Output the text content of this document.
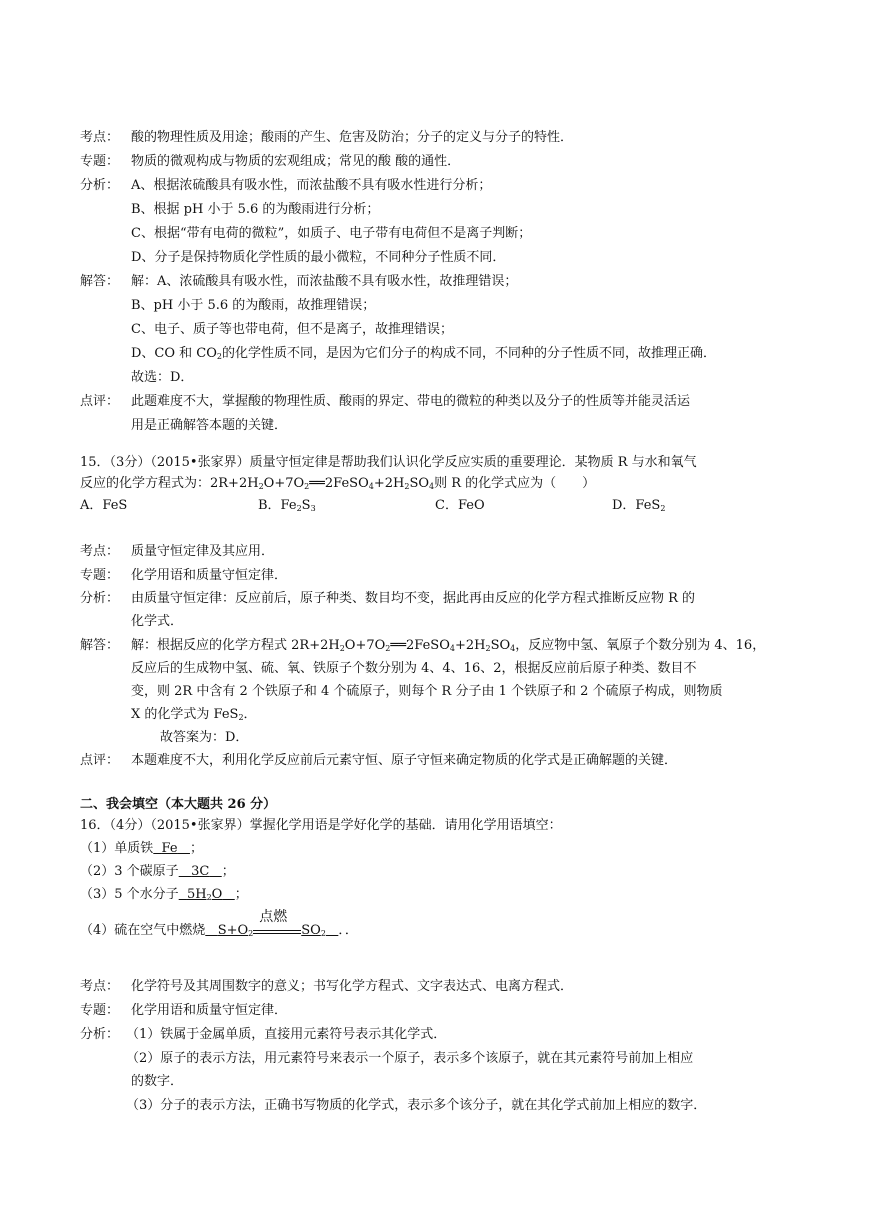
考点： 酸的物理性质及用途；酸雨的产生、危害及防治；分子的定义与分子的特性．
专题： 物质的微观构成与物质的宏观组成；常见的酸 酸的通性．
分析： A、根据浓硫酸具有吸水性，而浓盐酸不具有吸水性进行分析；
B、根据 pH 小于 5.6 的为酸雨进行分析；
C、根据“带有电荷的微粒”，如质子、电子带有电荷但不是离子判断；
D、分子是保持物质化学性质的最小微粒，不同种分子性质不同．
解答： 解：A、浓硫酸具有吸水性，而浓盐酸不具有吸水性，故推理错误；
B、pH 小于 5.6 的为酸雨，故推理错误；
C、电子、质子等也带电荷，但不是离子，故推理错误；
D、CO 和 $CO_2$的化学性质不同，是因为它们分子的构成不同，不同种的分子性质不同，故推理正确．
故选：D．
点评： 此题难度不大，掌握酸的物理性质、酸雨的界定、带电的微粒的种类以及分子的性质等并能灵活运
用是正确解答本题的关键．
15．（3分）（2015•张家界）质量守恒定律是帮助我们认识化学反应实质的重要理论．某物质 R 与水和氧气
反应的化学方程式为：$2R+2H_2O+7O_2══2FeSO_4+2H_2SO_4$则 R 的化学式应为（　　）
A．FeS	B．$Fe_2S_3$	C．FeO	D．FeS$_2$
考点： 质量守恒定律及其应用．
专题： 化学用语和质量守恒定律．
分析： 由质量守恒定律：反应前后，原子种类、数目均不变，据此再由反应的化学方程式推断反应物 R 的
化学式．
解答： 解：根据反应的化学方程式 $2R+2H_2O+7O_2══2FeSO_4+2H_2SO_4$，反应物中氢、氧原子个数分别为 4、16，
反应后的生成物中氢、硫、氧、铁原子个数分别为 4、4、16、2，根据反应前后原子种类、数目不
变，则 2R 中含有 2 个铁原子和 4 个硫原子，则每个 R 分子由 1 个铁原子和 2 个硫原子构成，则物质
X 的化学式为 FeS$_2$．
故答案为：D．
点评： 本题难度不大，利用化学反应前后元素守恒、原子守恒来确定物质的化学式是正确解题的关键．
二、我会填空（本大题共 26 分）
16．（4分）（2015•张家界）掌握化学用语是学好化学的基础．请用化学用语填空：
（1）单质铁 Fe ；
（2）3 个碳原子 3C ；
（3）5 个水分子 $5H_2O$ ；
（4）硫在空气中燃烧 $S+O_2$
点燃
$SO_2$ ．．
考点： 化学符号及其周围数字的意义；书写化学方程式、文字表达式、电离方程式．
专题： 化学用语和质量守恒定律．
分析： （1）铁属于金属单质，直接用元素符号表示其化学式．
（2）原子的表示方法，用元素符号来表示一个原子，表示多个该原子，就在其元素符号前加上相应
的数字．
（3）分子的表示方法，正确书写物质的化学式，表示多个该分子，就在其化学式前加上相应的数字．
